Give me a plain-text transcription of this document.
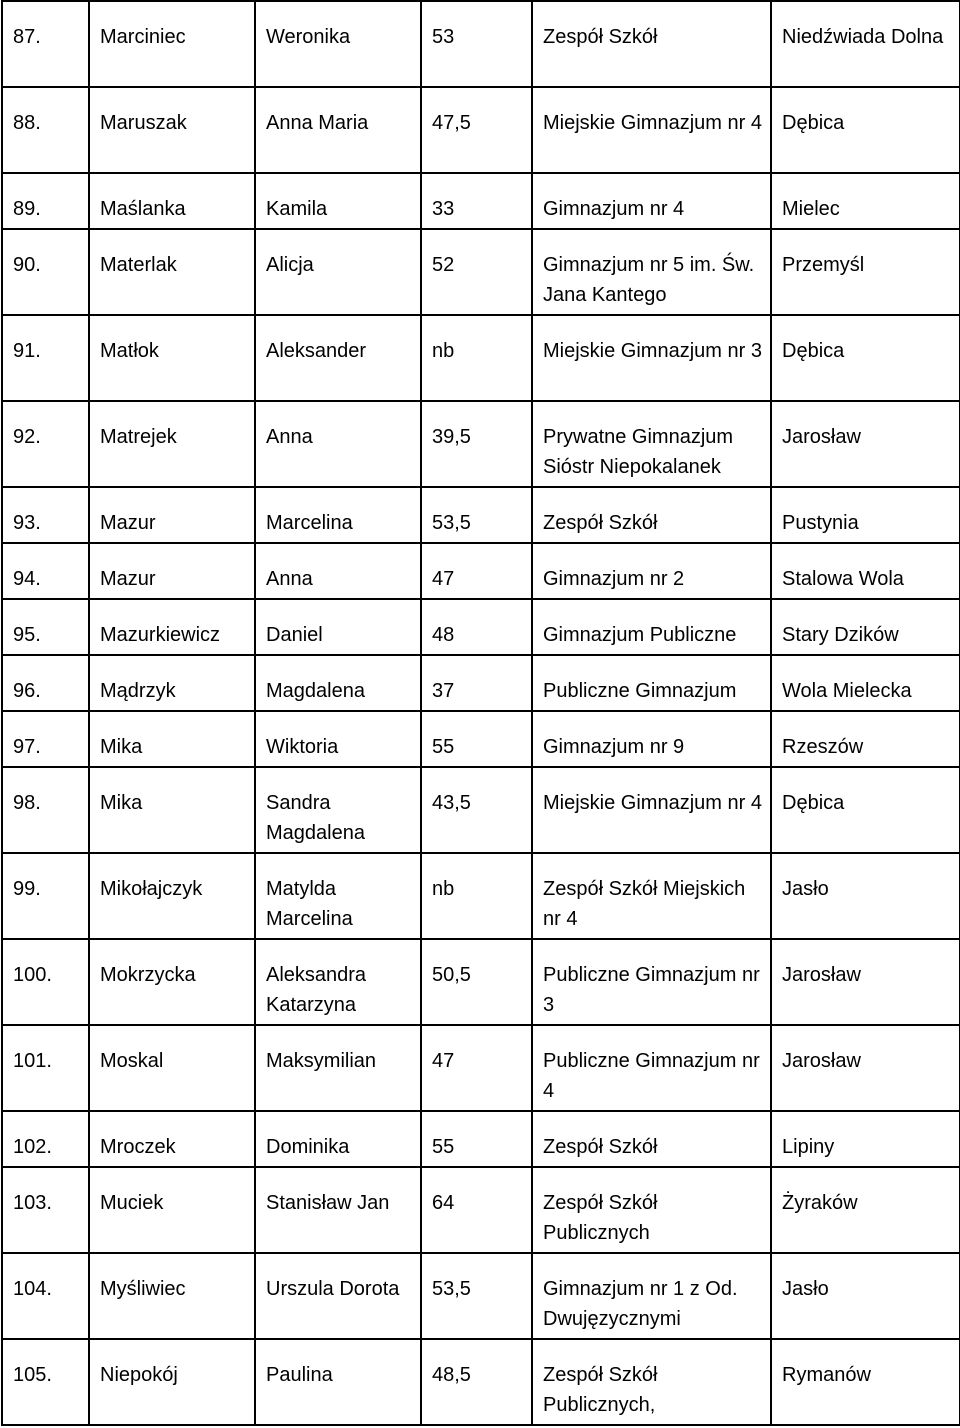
87.	Marciniec	Weronika	53	Zespół Szkół	Niedźwiada Dolna
88.	Maruszak	Anna Maria	47,5	Miejskie Gimnazjum nr 4	Dębica
89.	Maślanka	Kamila	33	Gimnazjum nr 4	Mielec
90.	Materlak	Alicja	52	Gimnazjum nr 5 im. Św. Jana Kantego	Przemyśl
91.	Matłok	Aleksander	nb	Miejskie Gimnazjum nr 3	Dębica
92.	Matrejek	Anna	39,5	Prywatne Gimnazjum Sióstr Niepokalanek	Jarosław
93.	Mazur	Marcelina	53,5	Zespół Szkół	Pustynia
94.	Mazur	Anna	47	Gimnazjum nr 2	Stalowa Wola
95.	Mazurkiewicz	Daniel	48	Gimnazjum Publiczne	Stary Dzików
96.	Mądrzyk	Magdalena	37	Publiczne Gimnazjum	Wola Mielecka
97.	Mika	Wiktoria	55	Gimnazjum nr 9	Rzeszów
98.	Mika	Sandra Magdalena	43,5	Miejskie Gimnazjum nr 4	Dębica
99.	Mikołajczyk	Matylda Marcelina	nb	Zespół Szkół Miejskich nr 4	Jasło
100.	Mokrzycka	Aleksandra Katarzyna	50,5	Publiczne Gimnazjum nr 3	Jarosław
101.	Moskal	Maksymilian	47	Publiczne Gimnazjum nr 4	Jarosław
102.	Mroczek	Dominika	55	Zespół Szkół	Lipiny
103.	Muciek	Stanisław Jan	64	Zespół Szkół Publicznych	Żyraków
104.	Myśliwiec	Urszula Dorota	53,5	Gimnazjum nr 1 z Od. Dwujęzycznymi	Jasło
105.	Niepokój	Paulina	48,5	Zespół Szkół Publicznych,	Rymanów
